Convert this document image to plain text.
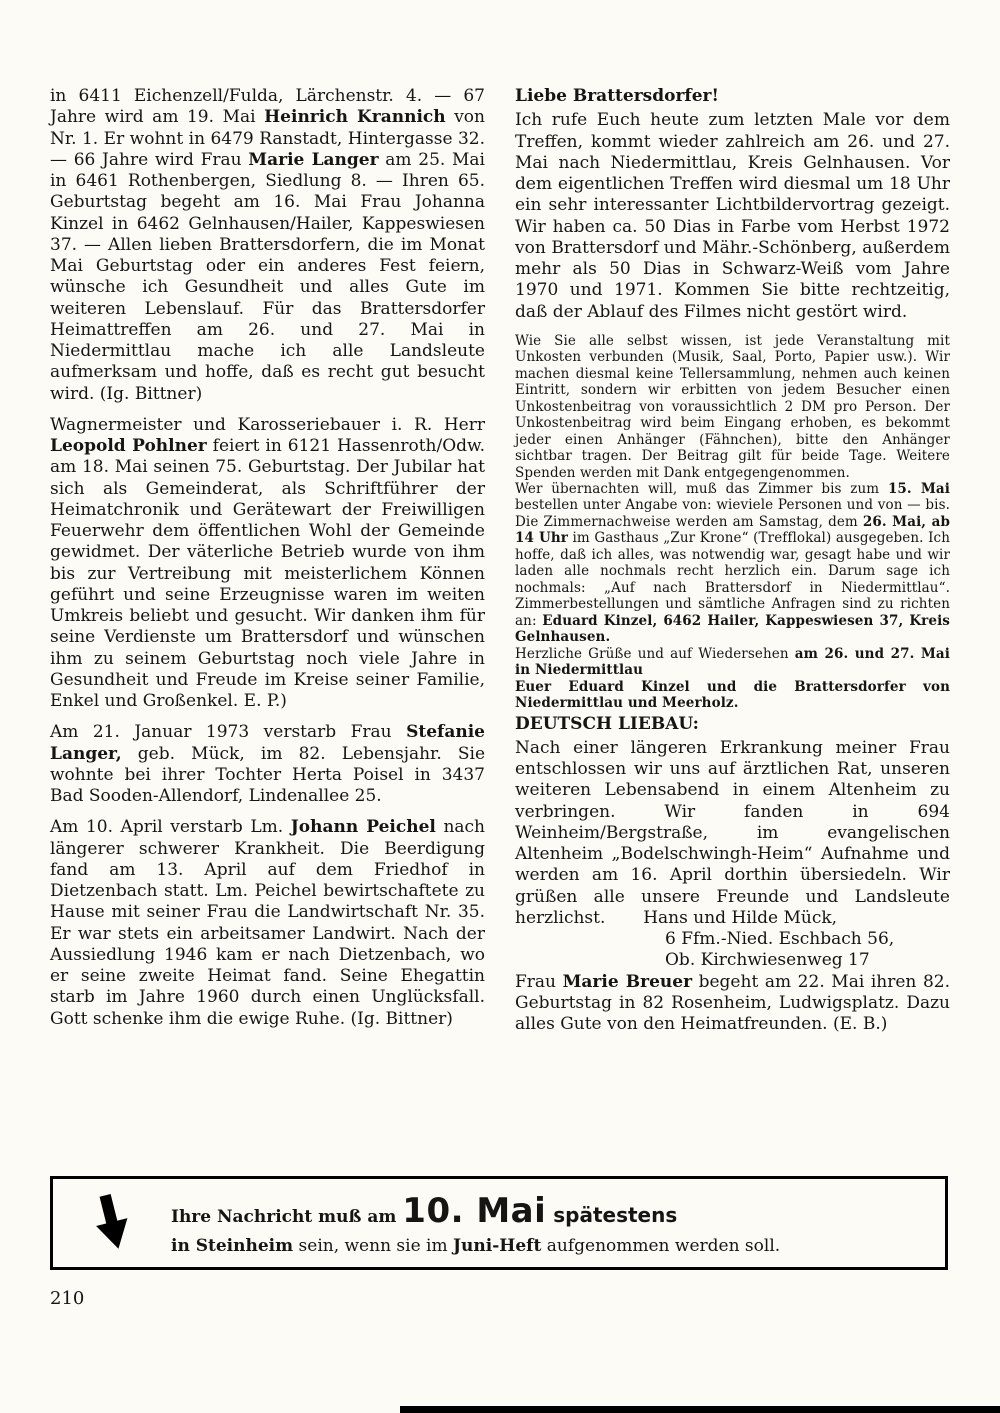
in 6411 Eichenzell/Fulda, Lärchenstr. 4. — 67 Jahre wird am 19. Mai Heinrich Krannich von Nr. 1. Er wohnt in 6479 Ranstadt, Hintergasse 32. — 66 Jahre wird Frau Marie Langer am 25. Mai in 6461 Rothenbergen, Siedlung 8. — Ihren 65. Geburtstag begeht am 16. Mai Frau Johanna Kinzel in 6462 Gelnhausen/Hailer, Kappeswiesen 37. — Allen lieben Brattersdorfern, die im Monat Mai Geburtstag oder ein anderes Fest feiern, wünsche ich Gesundheit und alles Gute im weiteren Lebenslauf. Für das Brattersdorfer Heimattreffen am 26. und 27. Mai in Niedermittlau mache ich alle Landsleute aufmerksam und hoffe, daß es recht gut besucht wird. (Ig. Bittner)

Wagnermeister und Karosseriebauer i. R. Herr Leopold Pohlner feiert in 6121 Hassenroth/Odw. am 18. Mai seinen 75. Geburtstag. Der Jubilar hat sich als Gemeinderat, als Schriftführer der Heimatchronik und Gerätewart der Freiwilligen Feuerwehr dem öffentlichen Wohl der Gemeinde gewidmet. Der väterliche Betrieb wurde von ihm bis zur Vertreibung mit meisterlichem Können geführt und seine Erzeugnisse waren im weiten Umkreis beliebt und gesucht. Wir danken ihm für seine Verdienste um Brattersdorf und wünschen ihm zu seinem Geburtstag noch viele Jahre in Gesundheit und Freude im Kreise seiner Familie, Enkel und Großenkel. E. P.)

Am 21. Januar 1973 verstarb Frau Stefanie Langer, geb. Mück, im 82. Lebensjahr. Sie wohnte bei ihrer Tochter Herta Poisel in 3437 Bad Sooden-Allendorf, Lindenallee 25.

Am 10. April verstarb Lm. Johann Peichel nach längerer schwerer Krankheit. Die Beerdigung fand am 13. April auf dem Friedhof in Dietzenbach statt. Lm. Peichel bewirtschaftete zu Hause mit seiner Frau die Landwirtschaft Nr. 35. Er war stets ein arbeitsamer Landwirt. Nach der Aussiedlung 1946 kam er nach Dietzenbach, wo er seine zweite Heimat fand. Seine Ehegattin starb im Jahre 1960 durch einen Unglücksfall. Gott schenke ihm die ewige Ruhe. (Ig. Bittner)

Liebe Brattersdorfer!

Ich rufe Euch heute zum letzten Male vor dem Treffen, kommt wieder zahlreich am 26. und 27. Mai nach Niedermittlau, Kreis Gelnhausen. Vor dem eigentlichen Treffen wird diesmal um 18 Uhr ein sehr interessanter Lichtbildervortrag gezeigt. Wir haben ca. 50 Dias in Farbe vom Herbst 1972 von Brattersdorf und Mähr.-Schönberg, außerdem mehr als 50 Dias in Schwarz-Weiß vom Jahre 1970 und 1971. Kommen Sie bitte rechtzeitig, daß der Ablauf des Filmes nicht gestört wird.

Wie Sie alle selbst wissen, ist jede Veranstaltung mit Unkosten verbunden (Musik, Saal, Porto, Papier usw.). Wir machen diesmal keine Tellersammlung, nehmen auch keinen Eintritt, sondern wir erbitten von jedem Besucher einen Unkostenbeitrag von voraussichtlich 2 DM pro Person. Der Unkostenbeitrag wird beim Eingang erhoben, es bekommt jeder einen Anhänger (Fähnchen), bitte den Anhänger sichtbar tragen. Der Beitrag gilt für beide Tage. Weitere Spenden werden mit Dank entgegengenommen.

Wer übernachten will, muß das Zimmer bis zum 15. Mai bestellen unter Angabe von: wieviele Personen und von — bis. Die Zimmernachweise werden am Samstag, dem 26. Mai, ab 14 Uhr im Gasthaus „Zur Krone“ (Trefflokal) ausgegeben. Ich hoffe, daß ich alles, was notwendig war, gesagt habe und wir laden alle nochmals recht herzlich ein. Darum sage ich nochmals: „Auf nach Brattersdorf in Niedermittlau“. Zimmerbestellungen und sämtliche Anfragen sind zu richten an: Eduard Kinzel, 6462 Hailer, Kappeswiesen 37, Kreis Gelnhausen.

Herzliche Grüße und auf Wiedersehen am 26. und 27. Mai in Niedermittlau

Euer Eduard Kinzel und die Brattersdorfer von Niedermittlau und Meerholz.

DEUTSCH LIEBAU:

Nach einer längeren Erkrankung meiner Frau entschlossen wir uns auf ärztlichen Rat, unseren weiteren Lebensabend in einem Altenheim zu verbringen. Wir fanden in 694 Weinheim/Bergstraße, im evangelischen Altenheim „Bodelschwingh-Heim“ Aufnahme und werden am 16. April dorthin übersiedeln. Wir grüßen alle unsere Freunde und Landsleute herzlichst.       Hans und Hilde Mück,

6 Ffm.-Nied. Eschbach 56,

Ob. Kirchwiesenweg 17

Frau Marie Breuer begeht am 22. Mai ihren 82. Geburtstag in 82 Rosenheim, Ludwigsplatz. Dazu alles Gute von den Heimatfreunden. (E. B.)

Ihre Nachricht muß am 10. Mai spätestens
in Steinheim sein, wenn sie im Juni-Heft aufgenommen werden soll.
210
